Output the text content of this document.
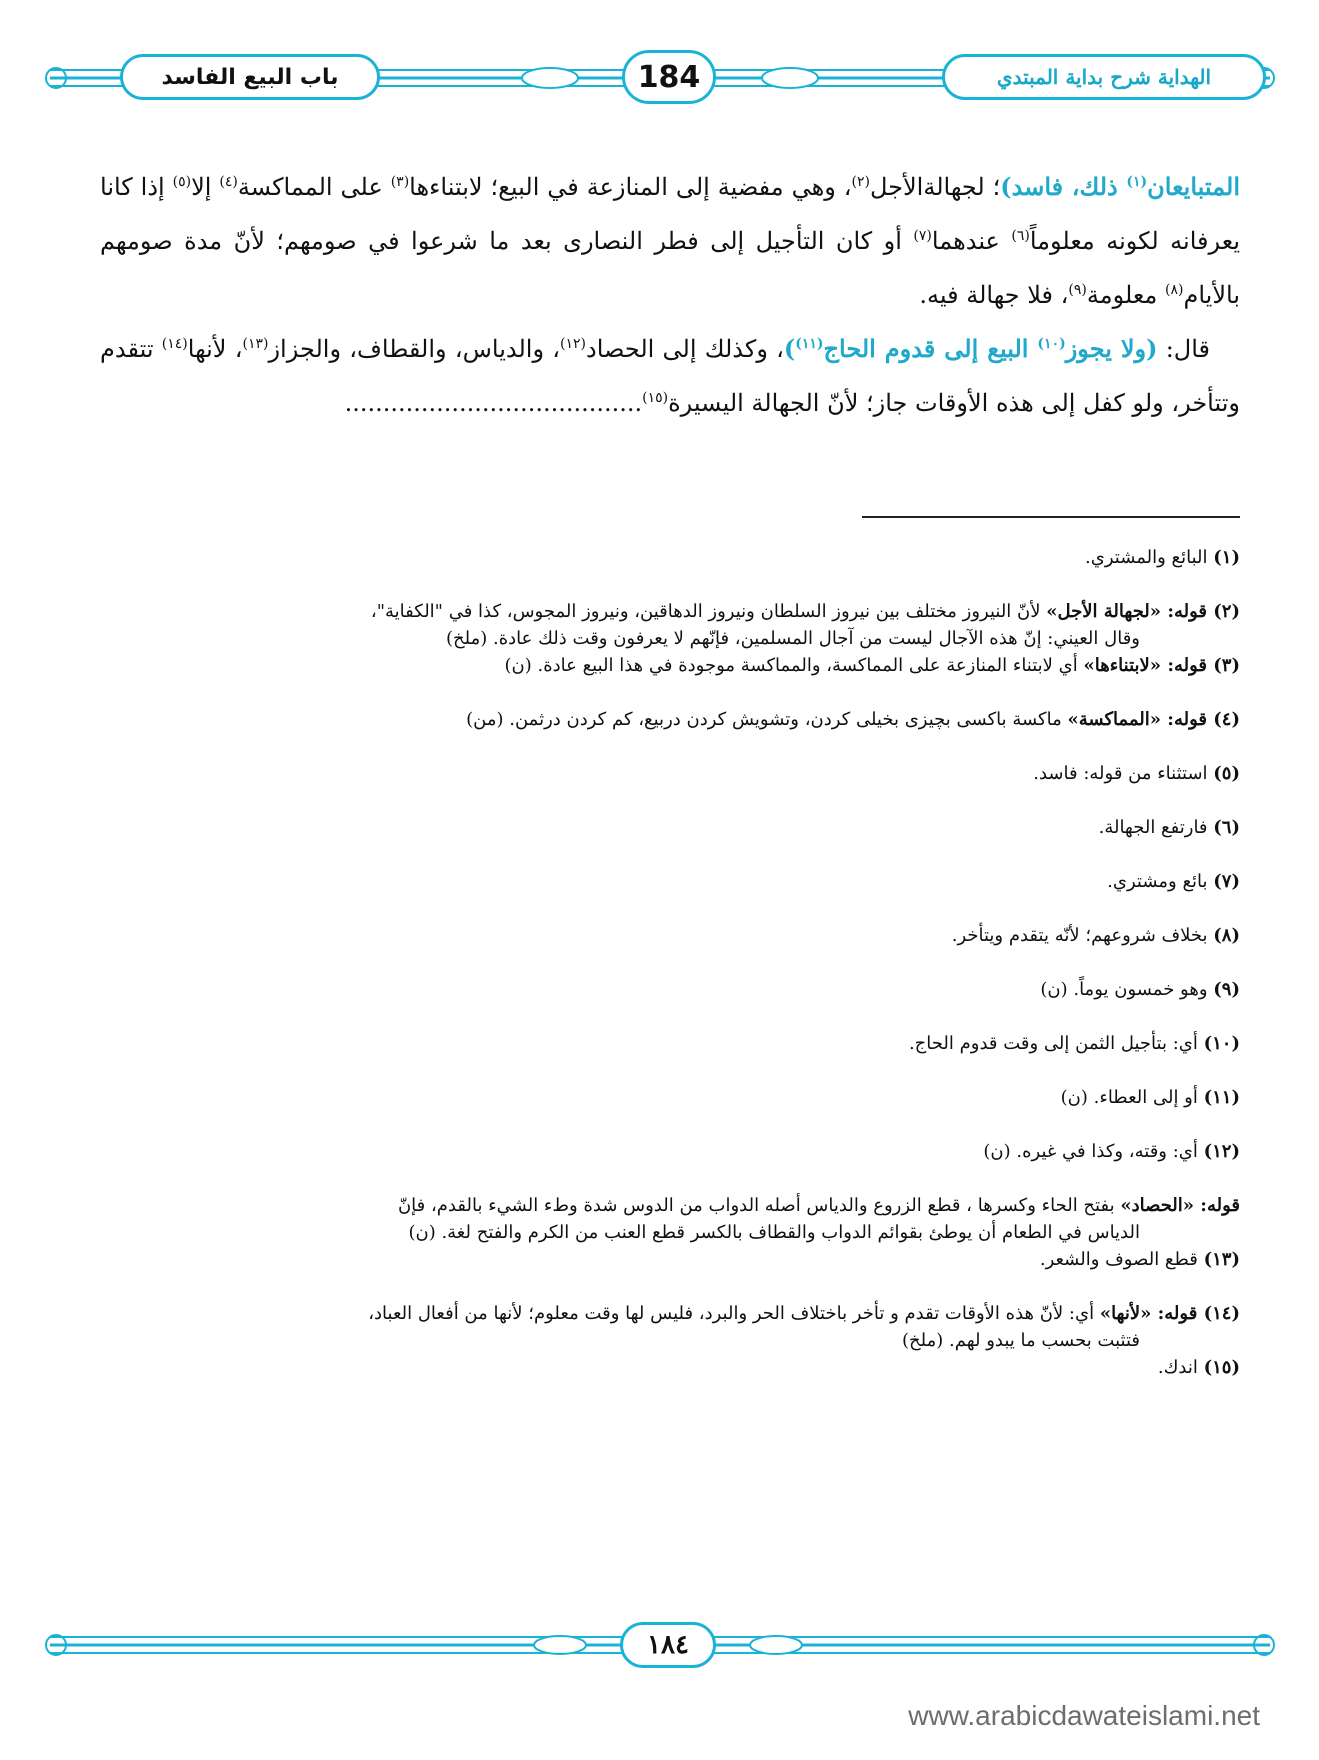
باب البيع الفاسد	184	الهداية شرح بداية المبتدي

المتبايعان$^{(١)}$ ذلك، فاسد)؛ لجهالةالأجل$^{(٢)}$، وهي مفضية إلى المنازعة في البيع؛ لابتناءها$^{(٣)}$ على المماكسة$^{(٤)}$ إلا$^{(٥)}$ إذا كانا يعرفانه لكونه معلوماً$^{(٦)}$ عندهما$^{(٧)}$ أو كان التأجيل إلى فطر النصارى بعد ما شرعوا في صومهم؛ لأنّ مدة صومهم بالأيام$^{(٨)}$ معلومة$^{(٩)}$، فلا جهالة فيه.

قال: (ولا يجوز$^{(١٠)}$ البيع إلى قدوم الحاج$^{(١١)}$)، وكذلك إلى الحصاد$^{(١٢)}$، والدياس، والقطاف، والجزاز$^{(١٣)}$، لأنها$^{(١٤)}$ تتقدم وتتأخر، ولو كفل إلى هذه الأوقات جاز؛ لأنّ الجهالة اليسيرة$^{(١٥)}$.......................................

(١) البائع والمشتري.

(٢) قوله: «لجهالة الأجل» لأنّ النيروز مختلف بين نيروز السلطان ونيروز الدهاقين، ونيروز المجوس، كذا في "الكفاية"،
وقال العيني: إنّ هذه الآجال ليست من آجال المسلمين، فإنّهم لا يعرفون وقت ذلك عادة. (ملخ)

(٣) قوله: «لابتناءها» أي لابتناء المنازعة على المماكسة، والمماكسة موجودة في هذا البيع عادة. (ن)

(٤) قوله: «المماكسة» ماكسة باكسى بچيزى بخيلى كردن، وتشويش كردن دربيع، كم كردن درثمن. (من)

(٥) استثناء من قوله: فاسد.

(٦) فارتفع الجهالة.

(٧) بائع ومشتري.

(٨) بخلاف شروعهم؛ لأنّه يتقدم ويتأخر.

(٩) وهو خمسون يوماً. (ن)

(١٠) أي: بتأجيل الثمن إلى وقت قدوم الحاج.

(١١) أو إلى العطاء. (ن)

(١٢) أي: وقته، وكذا في غيره. (ن)

قوله: «الحصاد» بفتح الحاء وكسرها ، قطع الزروع والدياس أصله الدواب من الدوس شدة وطء الشيء بالقدم، فإنّ
الدياس في الطعام أن يوطئ بقوائم الدواب والقطاف بالكسر قطع العنب من الكرم والفتح لغة. (ن)

(١٣) قطع الصوف والشعر.

(١٤) قوله: «لأنها» أي: لأنّ هذه الأوقات تقدم و تأخر باختلاف الحر والبرد، فليس لها وقت معلوم؛ لأنها من أفعال العباد،
فتثبت بحسب ما يبدو لهم. (ملخ)

(١٥) اندك.

١٨٤
www.arabicdawateislami.net
